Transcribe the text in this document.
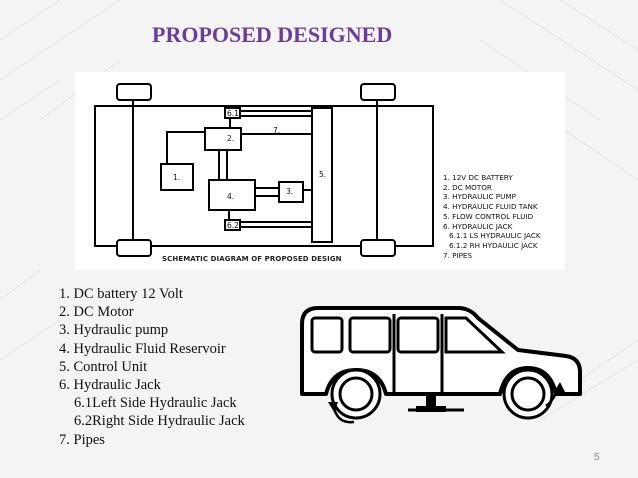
PROPOSED DESIGNED
6.1
6.2
2.
1.
4.
3.
5.
7.
1. 12V DC BATTERY
2. DC MOTOR
3. HYDRAULIC PUMP
4. HYDRAULIC FLUID TANK
5. FLOW CONTROL FLUID
6. HYDRAULIC JACK
6.1.1 LS HYDRAULIC JACK
6.1.2 RH HYDAULIC JACK
7. PIPES
SCHEMATIC DIAGRAM OF PROPOSED DESIGN
1. DC battery 12 Volt
2. DC Motor
3. Hydraulic pump
4. Hydraulic Fluid Reservoir
5. Control Unit
6. Hydraulic Jack
6.1Left Side Hydraulic Jack
6.2Right Side Hydraulic Jack
7. Pipes
5
